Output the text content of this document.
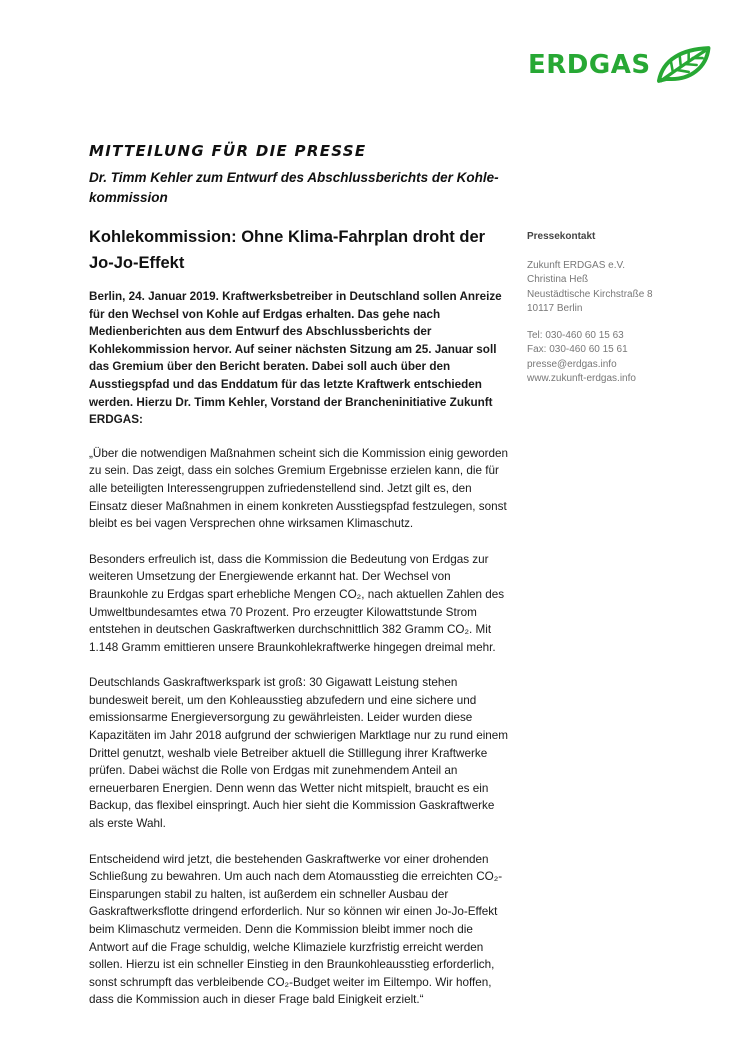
ERDGAS
MITTEILUNG FÜR DIE PRESSE
Dr. Timm Kehler zum Entwurf des Abschlussberichts der Kohle-kommission
Kohlekommission: Ohne Klima-Fahrplan droht der Jo-Jo-Effekt
Berlin, 24. Januar 2019. Kraftwerksbetreiber in Deutschland sollen Anreize für den Wechsel von Kohle auf Erdgas erhalten. Das gehe nach Medienberichten aus dem Entwurf des Abschlussberichts der Kohlekommission hervor. Auf seiner nächsten Sitzung am 25. Januar soll das Gremium über den Bericht beraten. Dabei soll auch über den Ausstiegspfad und das Enddatum für das letzte Kraftwerk entschieden werden. Hierzu Dr. Timm Kehler, Vorstand der Brancheninitiative Zukunft ERDGAS:
„Über die notwendigen Maßnahmen scheint sich die Kommission einig geworden zu sein. Das zeigt, dass ein solches Gremium Ergebnisse erzielen kann, die für alle beteiligten Interessengruppen zufriedenstellend sind. Jetzt gilt es, den Einsatz dieser Maßnahmen in einem konkreten Ausstiegspfad festzulegen, sonst bleibt es bei vagen Versprechen ohne wirksamen Klimaschutz.
Besonders erfreulich ist, dass die Kommission die Bedeutung von Erdgas zur weiteren Umsetzung der Energiewende erkannt hat. Der Wechsel von Braunkohle zu Erdgas spart erhebliche Mengen CO₂, nach aktuellen Zahlen des Umweltbundesamtes etwa 70 Prozent. Pro erzeugter Kilowattstunde Strom entstehen in deutschen Gaskraftwerken durchschnittlich 382 Gramm CO₂. Mit 1.148 Gramm emittieren unsere Braunkohlekraftwerke hingegen dreimal mehr.
Deutschlands Gaskraftwerkspark ist groß: 30 Gigawatt Leistung stehen bundesweit bereit, um den Kohleausstieg abzufedern und eine sichere und emissionsarme Energieversorgung zu gewährleisten. Leider wurden diese Kapazitäten im Jahr 2018 aufgrund der schwierigen Marktlage nur zu rund einem Drittel genutzt, weshalb viele Betreiber aktuell die Stilllegung ihrer Kraftwerke prüfen. Dabei wächst die Rolle von Erdgas mit zunehmendem Anteil an erneuerbaren Energien. Denn wenn das Wetter nicht mitspielt, braucht es ein Backup, das flexibel einspringt. Auch hier sieht die Kommission Gaskraftwerke als erste Wahl.
Entscheidend wird jetzt, die bestehenden Gaskraftwerke vor einer drohenden Schließung zu bewahren. Um auch nach dem Atomausstieg die erreichten CO₂-Einsparungen stabil zu halten, ist außerdem ein schneller Ausbau der Gaskraftwerksflotte dringend erforderlich. Nur so können wir einen Jo-Jo-Effekt beim Klimaschutz vermeiden. Denn die Kommission bleibt immer noch die Antwort auf die Frage schuldig, welche Klimaziele kurzfristig erreicht werden sollen. Hierzu ist ein schneller Einstieg in den Braunkohleausstieg erforderlich, sonst schrumpft das verbleibende CO₂-Budget weiter im Eiltempo. Wir hoffen, dass die Kommission auch in dieser Frage bald Einigkeit erzielt.“
Pressekontakt
Zukunft ERDGAS e.V.
Christina Heß
Neustädtische Kirchstraße 8
10117 Berlin
Tel: 030-460 60 15 63
Fax: 030-460 60 15 61
presse@erdgas.info
www.zukunft-erdgas.info
